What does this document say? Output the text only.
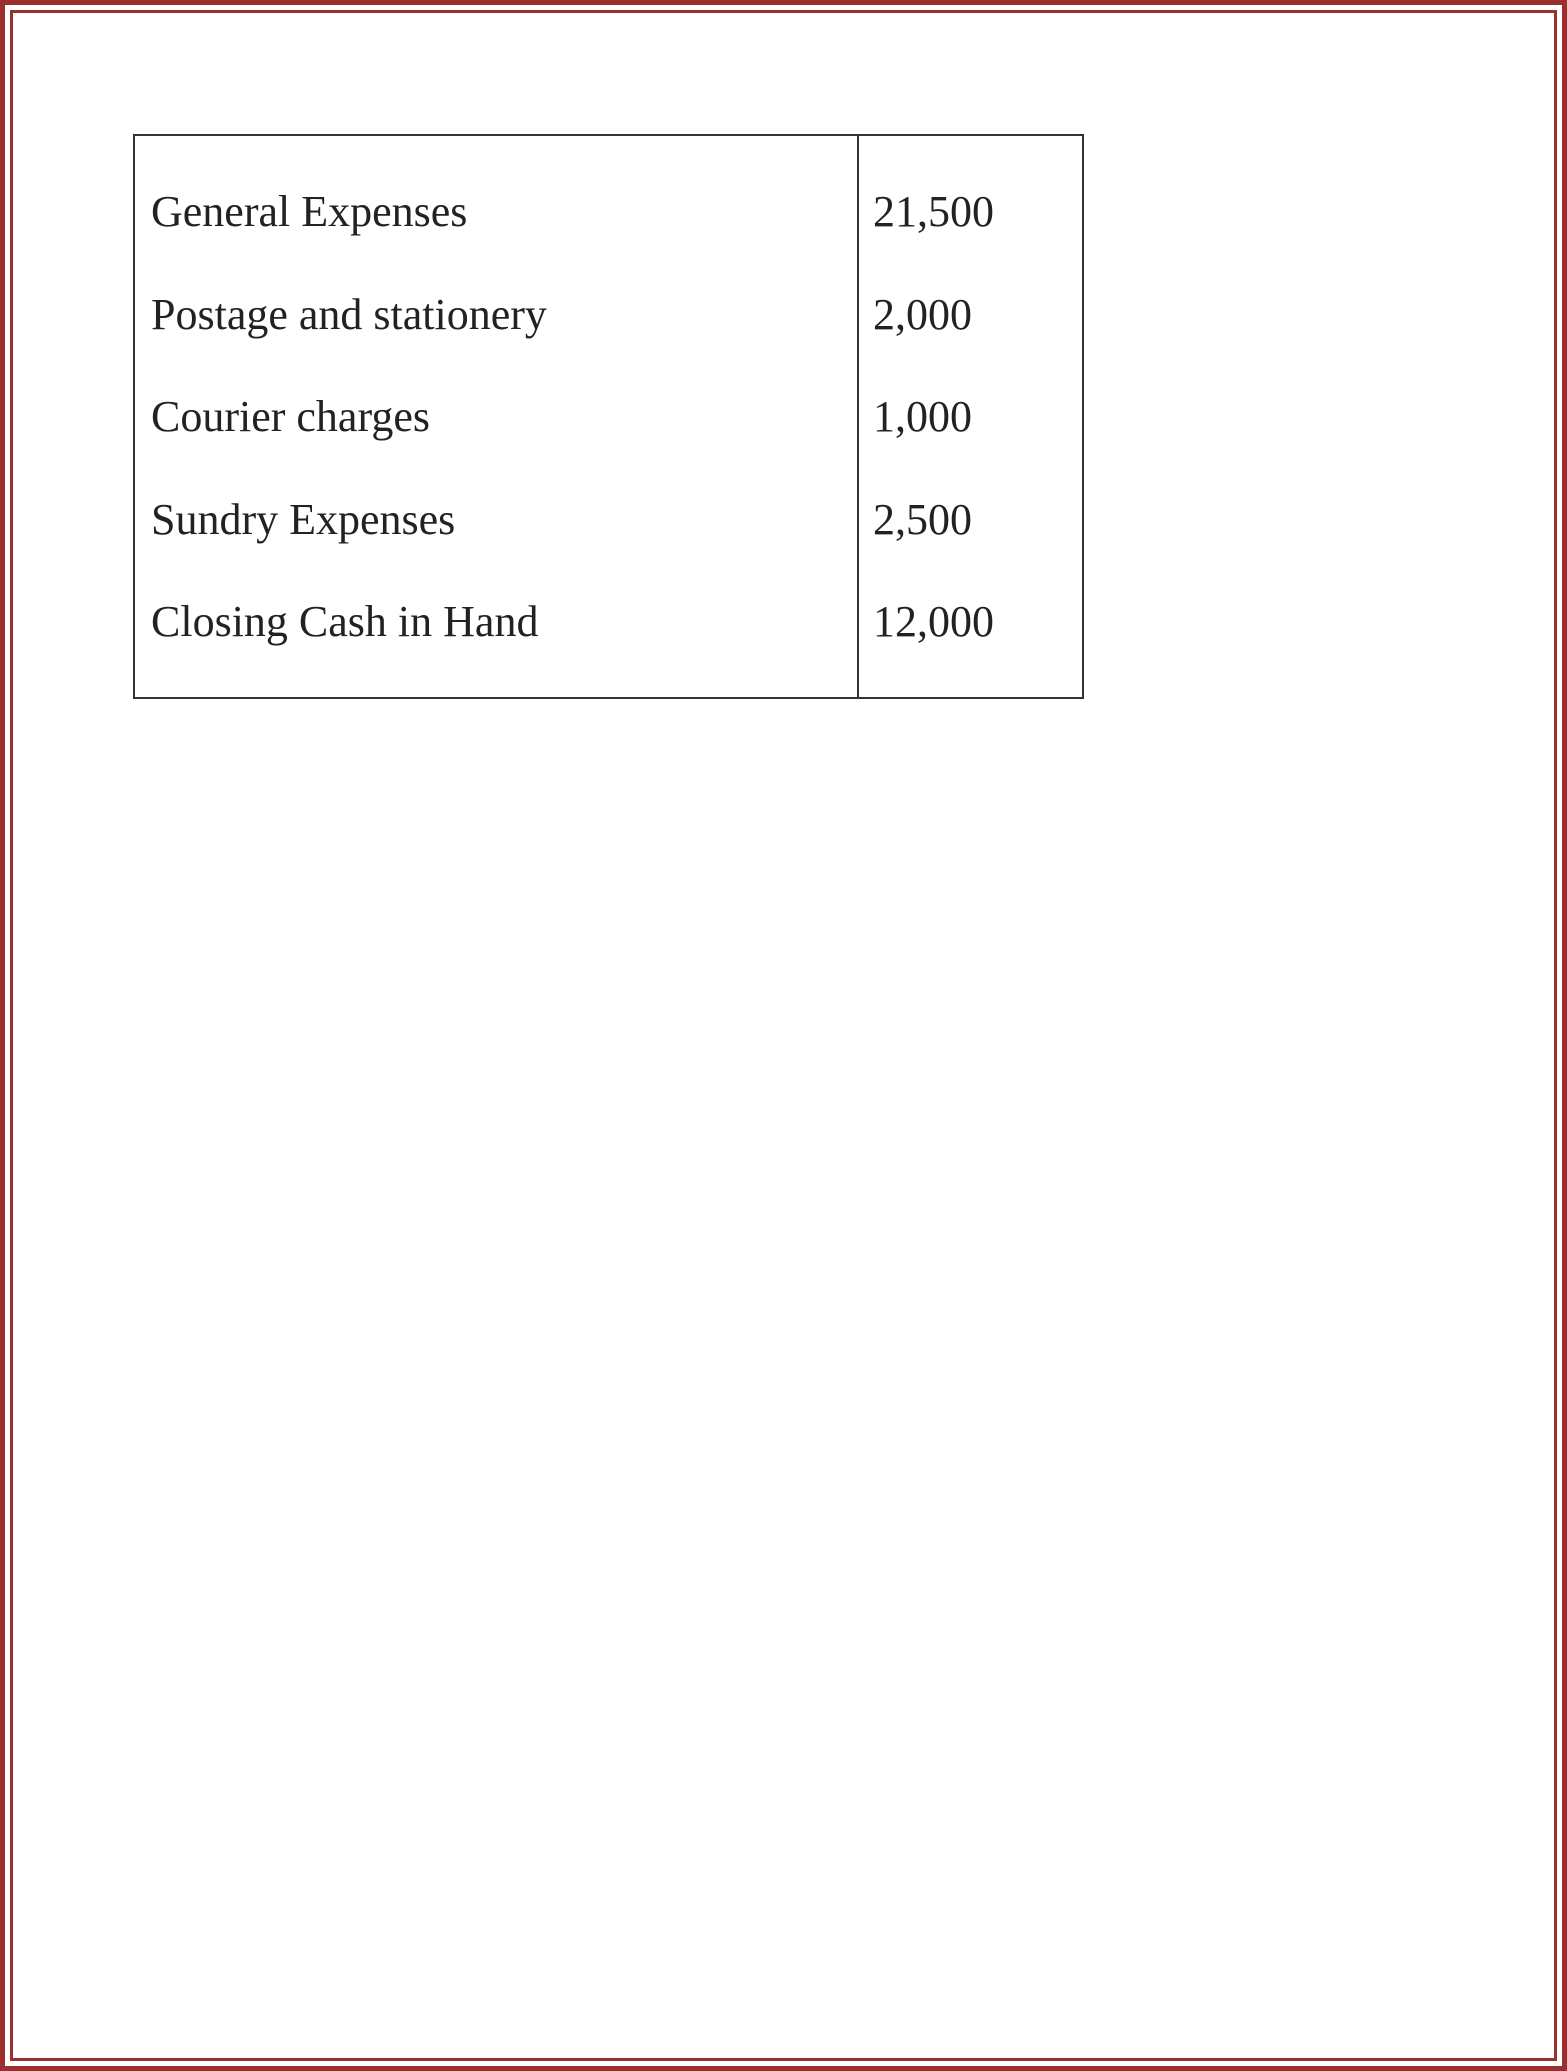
General Expenses
Postage and stationery
Courier charges
Sundry Expenses
Closing Cash in Hand
21,500
2,000
1,000
2,500
12,000
